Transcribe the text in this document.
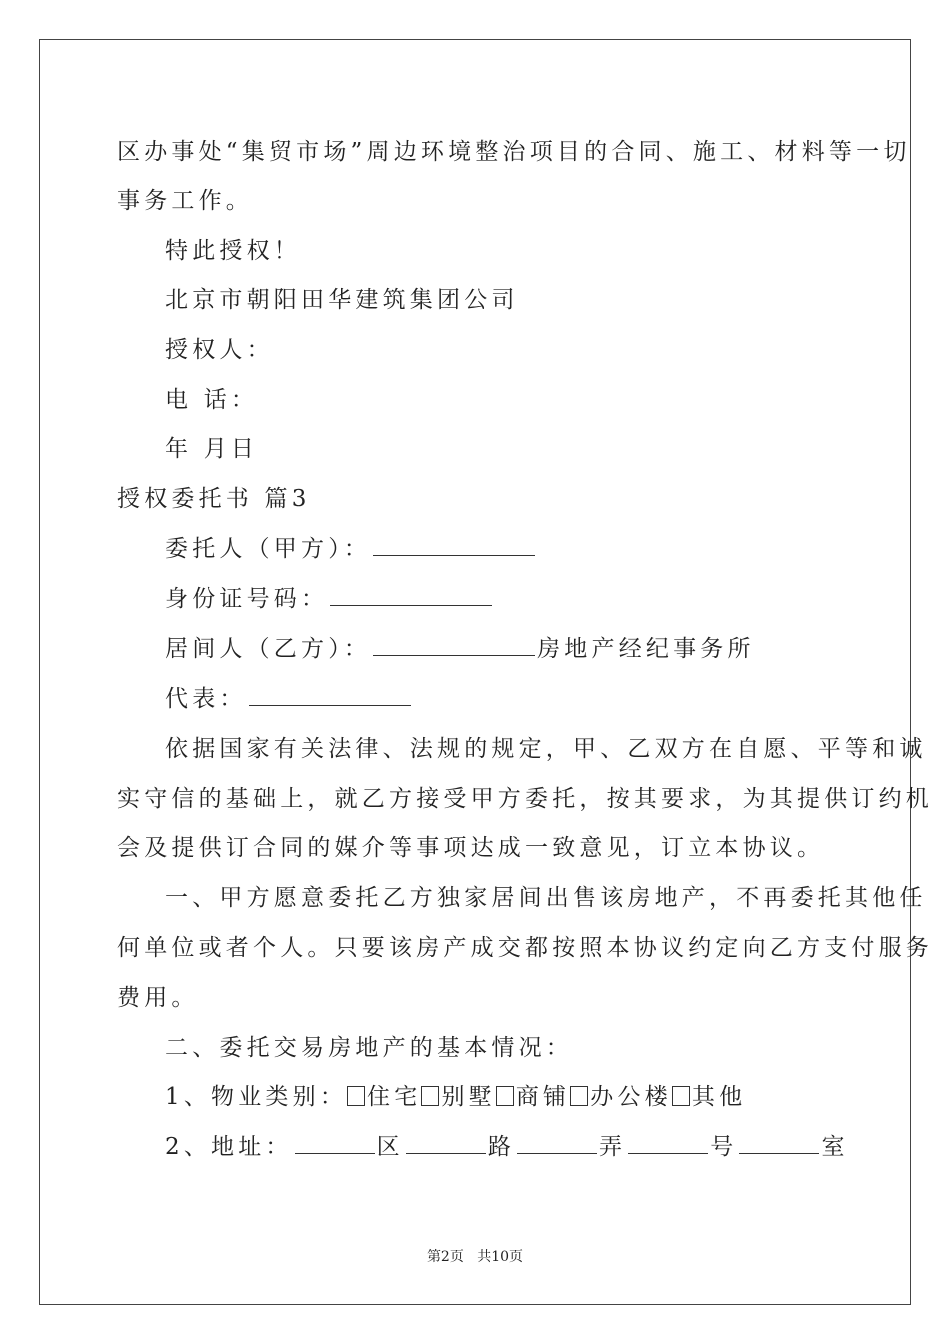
区办事处“集贸市场”周边环境整治项目的合同、施工、材料等一切
事务工作。
特此授权！
北京市朝阳田华建筑集团公司
授权人：
电 话：
年 月日
授权委托书 篇3
委托人（甲方）：
身份证号码：
居间人（乙方）：	房地产经纪事务所
代表：
依据国家有关法律、法规的规定，甲、乙双方在自愿、平等和诚
实守信的基础上，就乙方接受甲方委托，按其要求，为其提供订约机
会及提供订合同的媒介等事项达成一致意见，订立本协议。
一、甲方愿意委托乙方独家居间出售该房地产，不再委托其他任
何单位或者个人。只要该房产成交都按照本协议约定向乙方支付服务
费用。
二、委托交易房地产的基本情况：
1、物业类别： 住宅 别墅 商铺 办公楼 其他
2、地址：	区	路	弄	号	室
第2页 共10页
